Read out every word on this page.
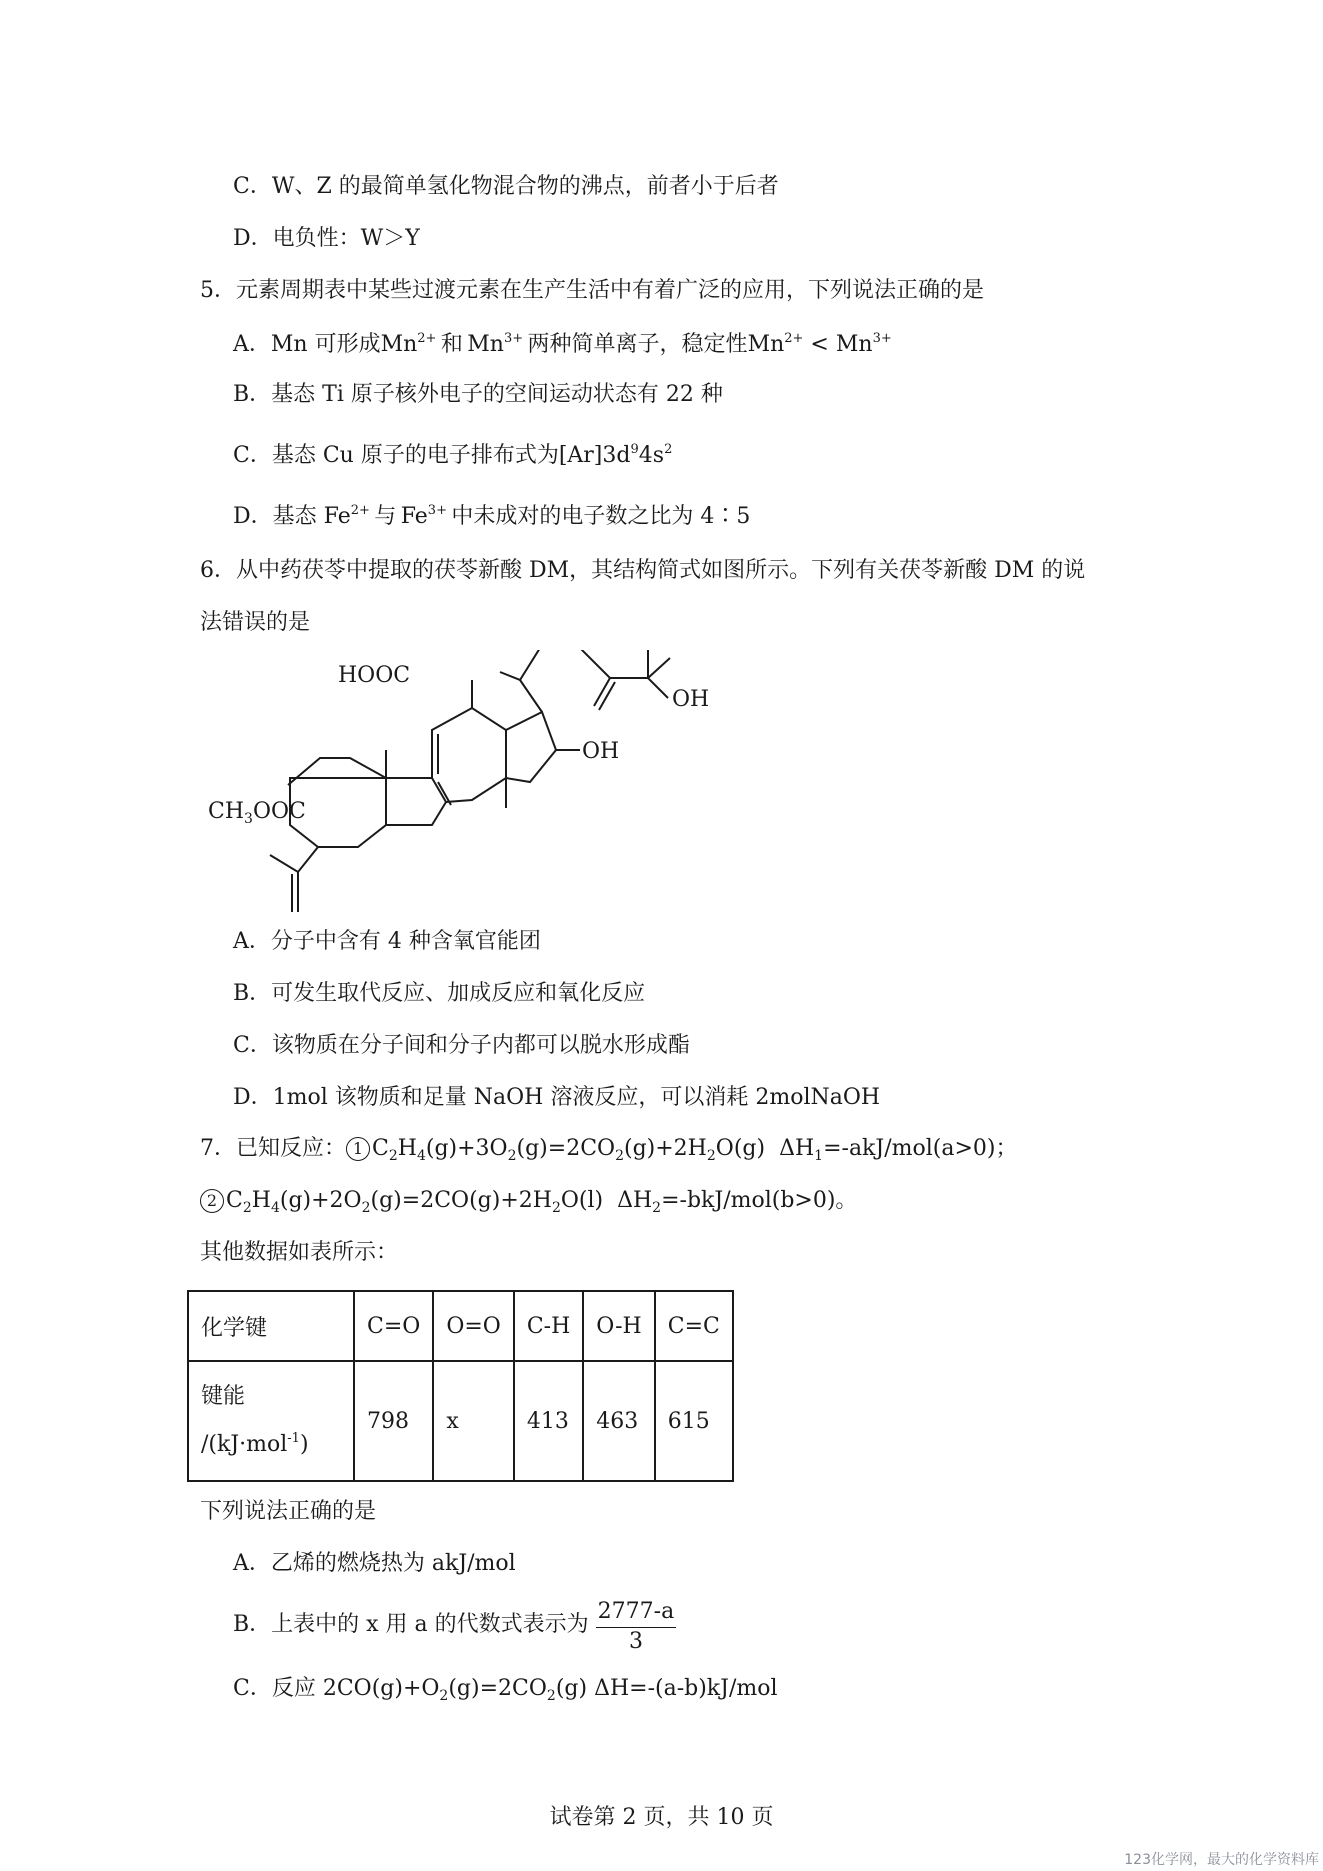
C．W、Z 的最简单氢化物混合物的沸点，前者小于后者
D．电负性：W＞Y
5．元素周期表中某些过渡元素在生产生活中有着广泛的应用，下列说法正确的是
A．Mn 可形成$Mn^{2+}$  和 $Mn^{3+}$  两种简单离子，稳定性$Mn^{2+} < Mn^{3+}$
B．基态 Ti 原子核外电子的空间运动状态有 22 种
C．基态 Cu 原子的电子排布式为$[Ar]3d^94s^2$
D．基态 $Fe^{2+}$  与 $Fe^{3+}$  中未成对的电子数之比为 4∶5
6．从中药茯苓中提取的茯苓新酸 DM，其结构简式如图所示。下列有关茯苓新酸 DM 的说
法错误的是
HOOC
OH
OH
$CH_3OOC$
A．分子中含有 4 种含氧官能团
B．可发生取代反应、加成反应和氧化反应
C．该物质在分子间和分子内都可以脱水形成酯
D．1mol 该物质和足量 NaOH 溶液反应，可以消耗 2molNaOH
7．已知反应： 1 $C_2H_4(g)+3O_2(g)=2CO_2(g)+2H_2O(g)$  $\Delta H_1=-akJ/mol(a>0)$；
2 $C_2H_4(g)+2O_2(g)=2CO(g)+2H_2O(l)$  $\Delta H_2=-bkJ/mol(b>0)$。
其他数据如表所示：
化学键	C=O	O=O	C-H	O-H	C=C
键能
/(kJ·mol$^{-1}$)	798	x	413	463	615
下列说法正确的是
A．乙烯的燃烧热为 akJ/mol
B．上表中的 x 用 a 的代数式表示为 $\frac{2777-a}{3}$
C．反应 $2CO(g)+O_2(g)=2CO_2(g)$ ΔH=-(a-b)kJ/mol
试卷第 2 页，共 10 页
123化学网，最大的化学资料库
